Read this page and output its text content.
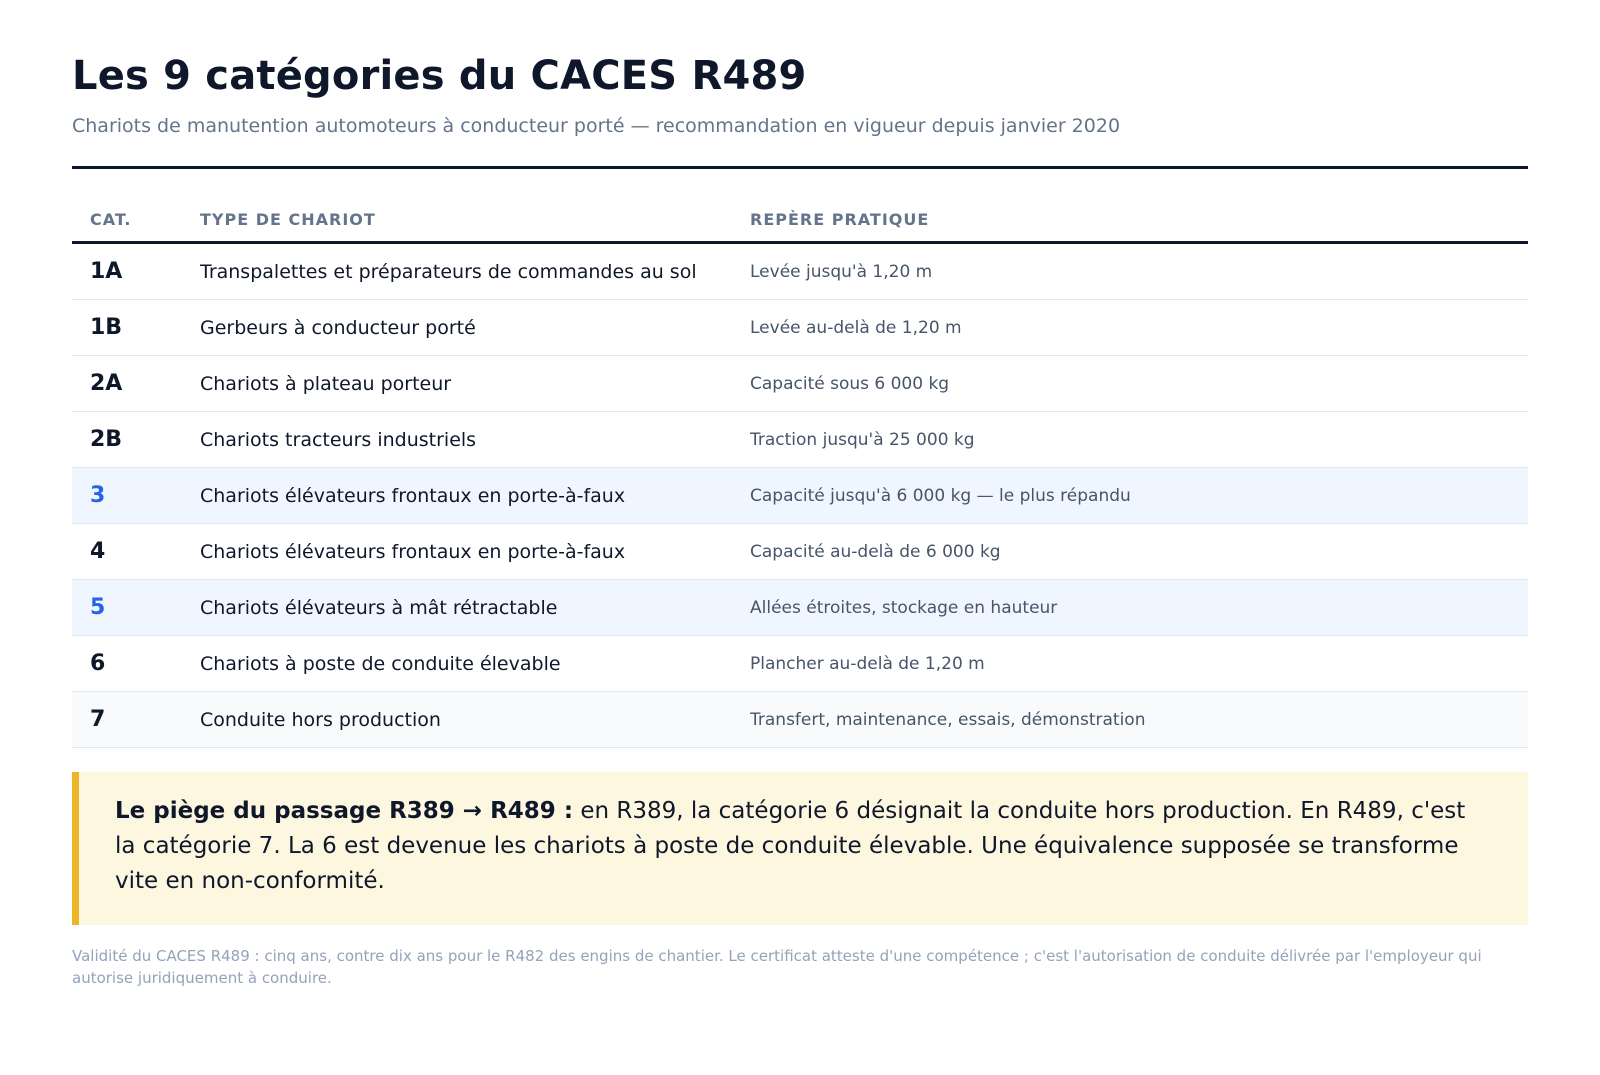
Les 9 catégories du CACES R489
Chariots de manutention automoteurs à conducteur porté — recommandation en vigueur depuis janvier 2020
CAT.	TYPE DE CHARIOT	REPÈRE PRATIQUE
1A	Transpalettes et préparateurs de commandes au sol	Levée jusqu'à 1,20 m
1B	Gerbeurs à conducteur porté	Levée au-delà de 1,20 m
2A	Chariots à plateau porteur	Capacité sous 6 000 kg
2B	Chariots tracteurs industriels	Traction jusqu'à 25 000 kg
3	Chariots élévateurs frontaux en porte-à-faux	Capacité jusqu'à 6 000 kg — le plus répandu
4	Chariots élévateurs frontaux en porte-à-faux	Capacité au-delà de 6 000 kg
5	Chariots élévateurs à mât rétractable	Allées étroites, stockage en hauteur
6	Chariots à poste de conduite élevable	Plancher au-delà de 1,20 m
7	Conduite hors production	Transfert, maintenance, essais, démonstration
Le piège du passage R389 → R489 : en R389, la catégorie 6 désignait la conduite hors production. En R489, c'est la catégorie 7. La 6 est devenue les chariots à poste de conduite élevable. Une équivalence supposée se transforme vite en non-conformité.
Validité du CACES R489 : cinq ans, contre dix ans pour le R482 des engins de chantier. Le certificat atteste d'une compétence ; c'est l'autorisation de conduite délivrée par l'employeur qui autorise juridiquement à conduire.
